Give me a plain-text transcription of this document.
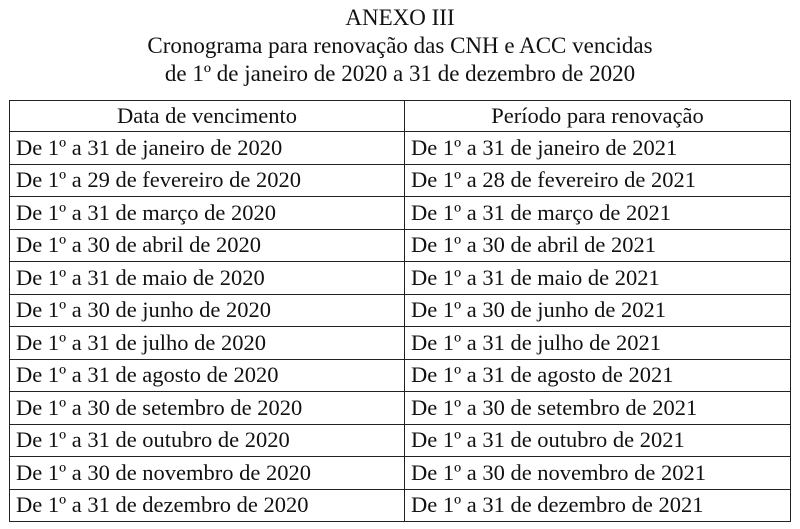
ANEXO III
Cronograma para renovação das CNH e ACC vencidas
de 1º de janeiro de 2020 a 31 de dezembro de 2020
Data de vencimento	Período para renovação
De 1º a 31 de janeiro de 2020	De 1º a 31 de janeiro de 2021
De 1º a 29 de fevereiro de 2020	De 1º a 28 de fevereiro de 2021
De 1º a 31 de março de 2020	De 1º a 31 de março de 2021
De 1º a 30 de abril de 2020	De 1º a 30 de abril de 2021
De 1º a 31 de maio de 2020	De 1º a 31 de maio de 2021
De 1º a 30 de junho de 2020	De 1º a 30 de junho de 2021
De 1º a 31 de julho de 2020	De 1º a 31 de julho de 2021
De 1º a 31 de agosto de 2020	De 1º a 31 de agosto de 2021
De 1º a 30 de setembro de 2020	De 1º a 30 de setembro de 2021
De 1º a 31 de outubro de 2020	De 1º a 31 de outubro de 2021
De 1º a 30 de novembro de 2020	De 1º a 30 de novembro de 2021
De 1º a 31 de dezembro de 2020	De 1º a 31 de dezembro de 2021
